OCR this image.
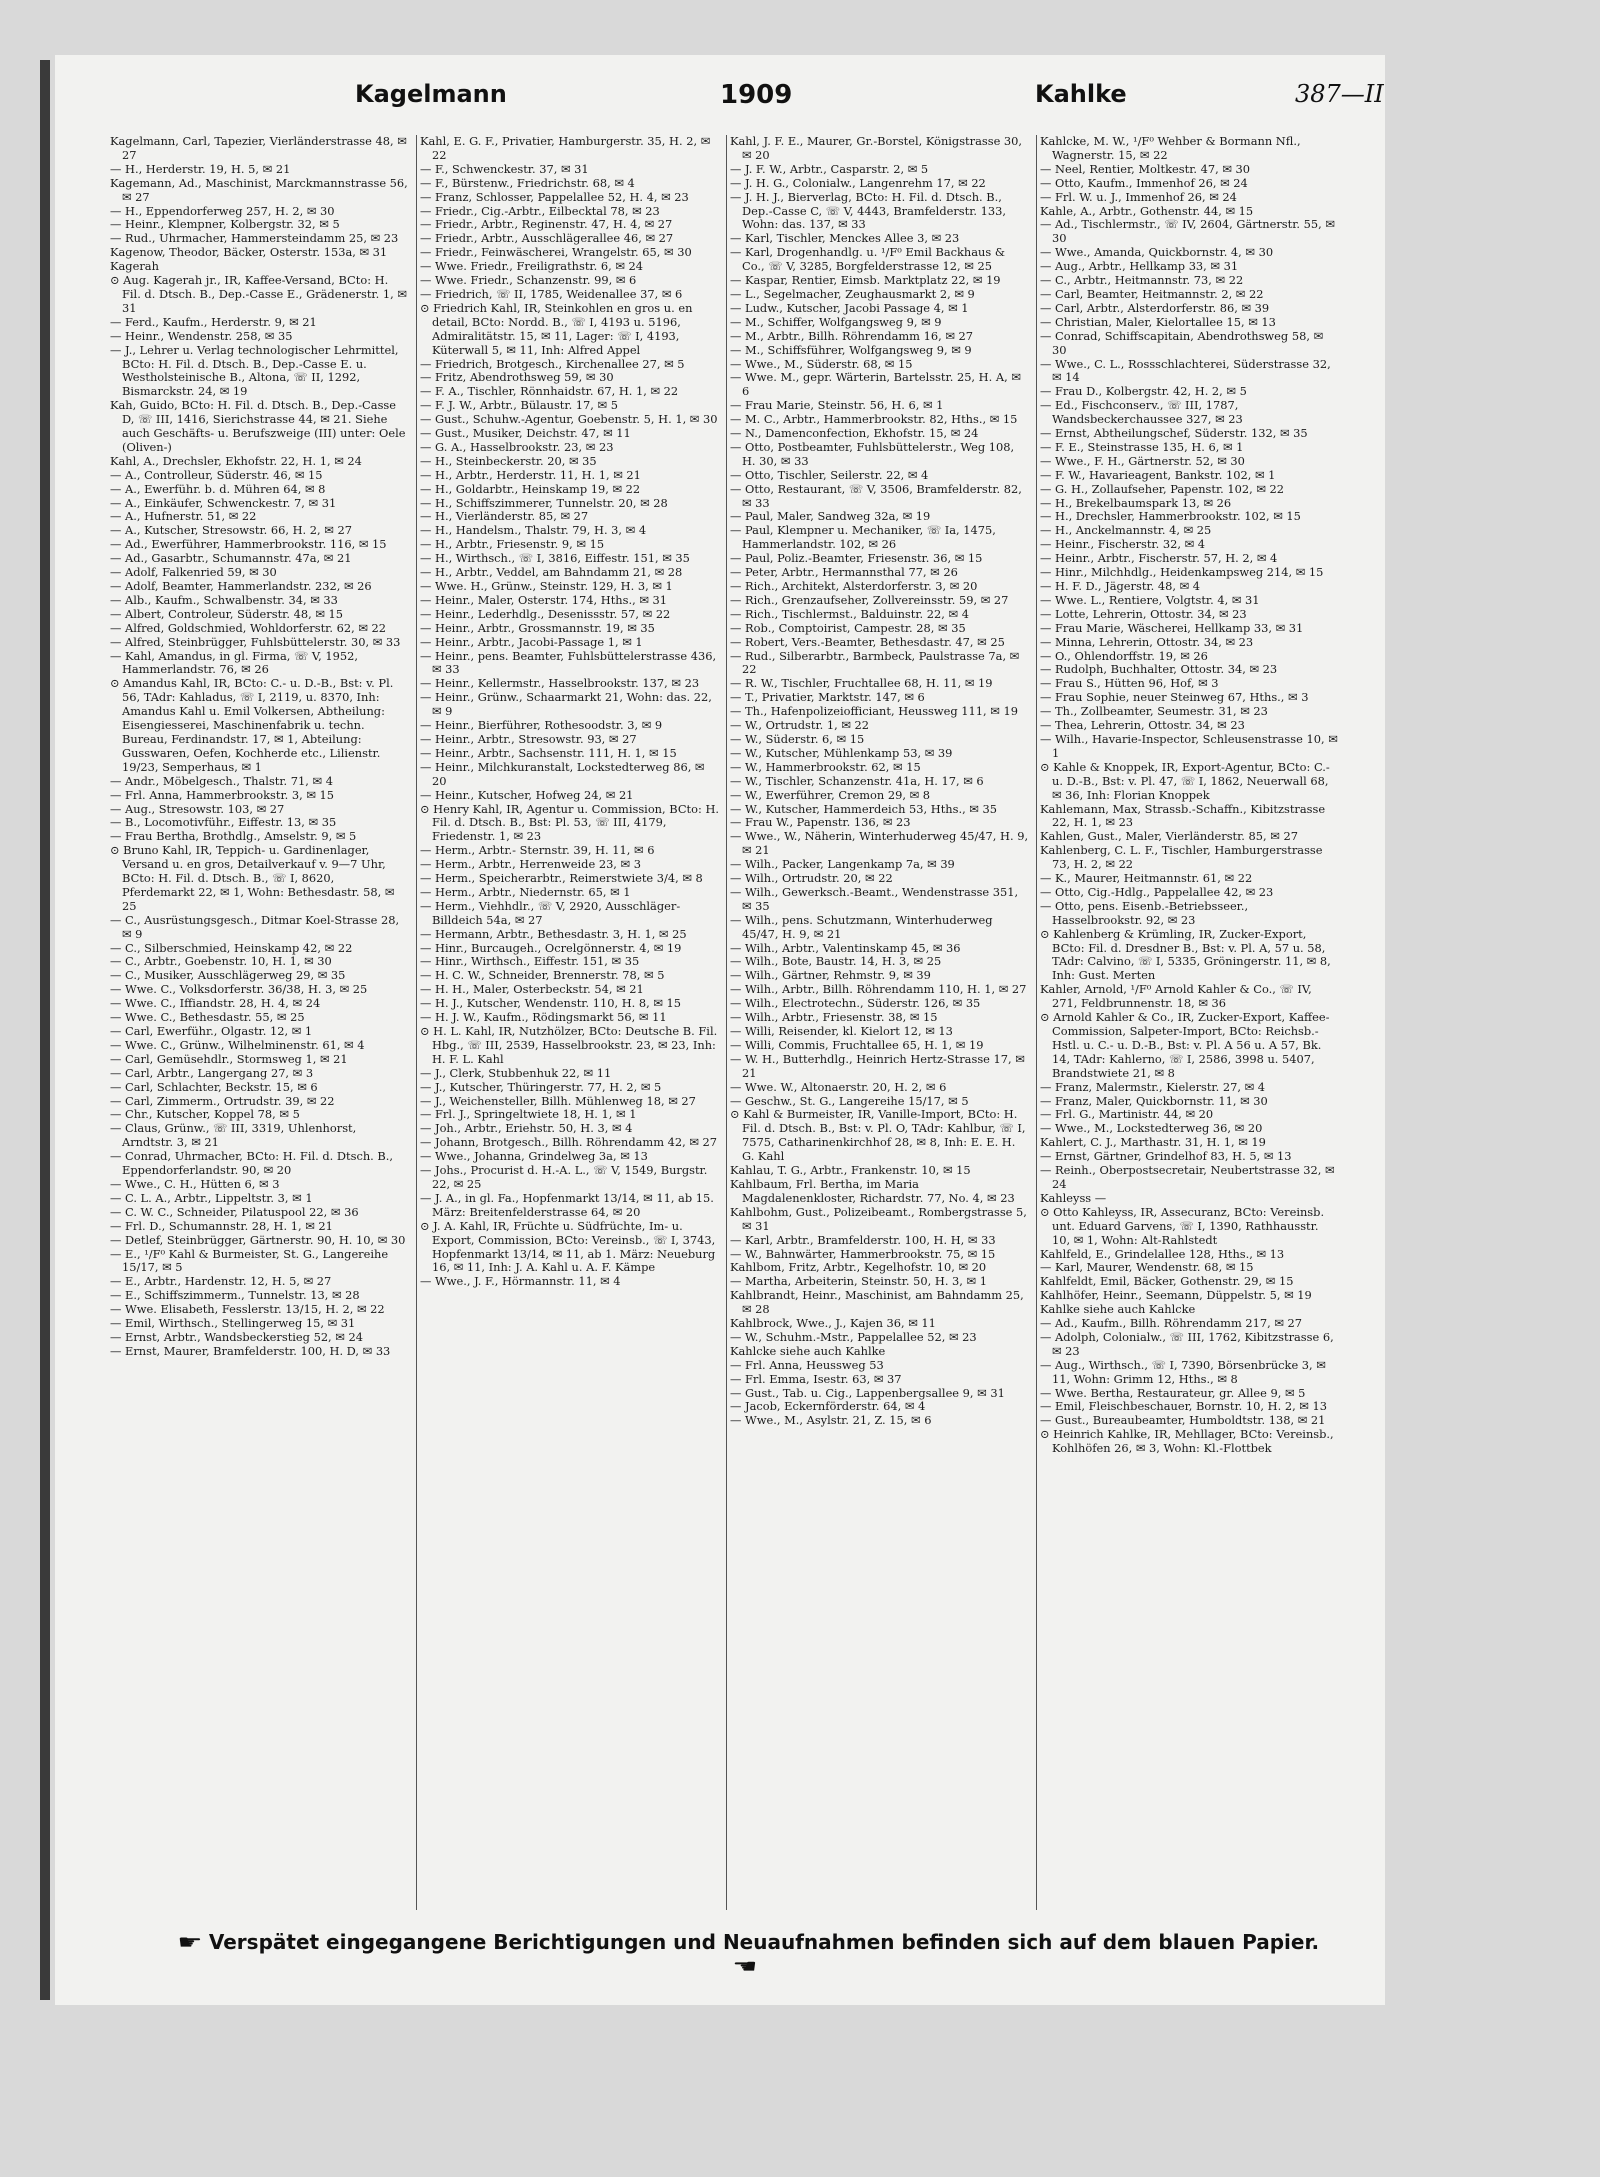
Kagelmann	1909	Kahlke	387—II

Kagelmann, Carl, Tapezier, Vierländerstrasse 48, ✉ 27

— H., Herderstr. 19, H. 5, ✉ 21

Kagemann, Ad., Maschinist, Marckmannstrasse 56, ✉ 27

— H., Eppendorferweg 257, H. 2, ✉ 30

— Heinr., Klempner, Kolbergstr. 32, ✉ 5

— Rud., Uhrmacher, Hammersteindamm 25, ✉ 23

Kagenow, Theodor, Bäcker, Osterstr. 153a, ✉ 31

Kagerah

⊙ Aug. Kagerah jr., IR, Kaffee-Versand, BCto: H. Fil. d. Dtsch. B., Dep.-Casse E., Grädenerstr. 1, ✉ 31

— Ferd., Kaufm., Herderstr. 9, ✉ 21

— Heinr., Wendenstr. 258, ✉ 35

— J., Lehrer u. Verlag technologischer Lehrmittel, BCto: H. Fil. d. Dtsch. B., Dep.-Casse E. u. Westholsteinische B., Altona, ☏ II, 1292, Bismarckstr. 24, ✉ 19

Kah, Guido, BCto: H. Fil. d. Dtsch. B., Dep.-Casse D, ☏ III, 1416, Sierichstrasse 44, ✉ 21. Siehe auch Geschäfts- u. Berufszweige (III) unter: Oele (Oliven-)

Kahl, A., Drechsler, Ekhofstr. 22, H. 1, ✉ 24

— A., Controlleur, Süderstr. 46, ✉ 15

— A., Ewerführ. b. d. Mühren 64, ✉ 8

— A., Einkäufer, Schwenckestr. 7, ✉ 31

— A., Hufnerstr. 51, ✉ 22

— A., Kutscher, Stresowstr. 66, H. 2, ✉ 27

— Ad., Ewerführer, Hammerbrookstr. 116, ✉ 15

— Ad., Gasarbtr., Schumannstr. 47a, ✉ 21

— Adolf, Falkenried 59, ✉ 30

— Adolf, Beamter, Hammerlandstr. 232, ✉ 26

— Alb., Kaufm., Schwalbenstr. 34, ✉ 33

— Albert, Controleur, Süderstr. 48, ✉ 15

— Alfred, Goldschmied, Wohldorferstr. 62, ✉ 22

— Alfred, Steinbrügger, Fuhlsbüttelerstr. 30, ✉ 33

— Kahl, Amandus, in gl. Firma, ☏ V, 1952, Hammerlandstr. 76, ✉ 26

⊙ Amandus Kahl, IR, BCto: C.- u. D.-B., Bst: v. Pl. 56, TAdr: Kahladus, ☏ I, 2119, u. 8370, Inh: Amandus Kahl u. Emil Volkersen, Abtheilung: Eisengiesserei, Maschinenfabrik u. techn. Bureau, Ferdinandstr. 17, ✉ 1, Abteilung: Gusswaren, Oefen, Kochherde etc., Lilienstr. 19/23, Semperhaus, ✉ 1

— Andr., Möbelgesch., Thalstr. 71, ✉ 4

— Frl. Anna, Hammerbrookstr. 3, ✉ 15

— Aug., Stresowstr. 103, ✉ 27

— B., Locomotivführ., Eiffestr. 13, ✉ 35

— Frau Bertha, Brothdlg., Amselstr. 9, ✉ 5

⊙ Bruno Kahl, IR, Teppich- u. Gardinenlager, Versand u. en gros, Detailverkauf v. 9—7 Uhr, BCto: H. Fil. d. Dtsch. B., ☏ I, 8620, Pferdemarkt 22, ✉ 1, Wohn: Bethesdastr. 58, ✉ 25

— C., Ausrüstungsgesch., Ditmar Koel-Strasse 28, ✉ 9

— C., Silberschmied, Heinskamp 42, ✉ 22

— C., Arbtr., Goebenstr. 10, H. 1, ✉ 30

— C., Musiker, Ausschlägerweg 29, ✉ 35

— Wwe. C., Volksdorferstr. 36/38, H. 3, ✉ 25

— Wwe. C., Iffiandstr. 28, H. 4, ✉ 24

— Wwe. C., Bethesdastr. 55, ✉ 25

— Carl, Ewerführ., Olgastr. 12, ✉ 1

— Wwe. C., Grünw., Wilhelminenstr. 61, ✉ 4

— Carl, Gemüsehdlr., Stormsweg 1, ✉ 21

— Carl, Arbtr., Langergang 27, ✉ 3

— Carl, Schlachter, Beckstr. 15, ✉ 6

— Carl, Zimmerm., Ortrudstr. 39, ✉ 22

— Chr., Kutscher, Koppel 78, ✉ 5

— Claus, Grünw., ☏ III, 3319, Uhlenhorst, Arndtstr. 3, ✉ 21

— Conrad, Uhrmacher, BCto: H. Fil. d. Dtsch. B., Eppendorferlandstr. 90, ✉ 20

— Wwe., C. H., Hütten 6, ✉ 3

— C. L. A., Arbtr., Lippeltstr. 3, ✉ 1

— C. W. C., Schneider, Pilatuspool 22, ✉ 36

— Frl. D., Schumannstr. 28, H. 1, ✉ 21

— Detlef, Steinbrügger, Gärtnerstr. 90, H. 10, ✉ 30

— E., ¹/F⁰ Kahl & Burmeister, St. G., Langereihe 15/17, ✉ 5

— E., Arbtr., Hardenstr. 12, H. 5, ✉ 27

— E., Schiffszimmerm., Tunnelstr. 13, ✉ 28

— Wwe. Elisabeth, Fesslerstr. 13/15, H. 2, ✉ 22

— Emil, Wirthsch., Stellingerweg 15, ✉ 31

— Ernst, Arbtr., Wandsbeckerstieg 52, ✉ 24

— Ernst, Maurer, Bramfelderstr. 100, H. D, ✉ 33

Kahl, E. G. F., Privatier, Hamburgerstr. 35, H. 2, ✉ 22

— F., Schwenckestr. 37, ✉ 31

— F., Bürstenw., Friedrichstr. 68, ✉ 4

— Franz, Schlosser, Pappelallee 52, H. 4, ✉ 23

— Friedr., Cig.-Arbtr., Eilbecktal 78, ✉ 23

— Friedr., Arbtr., Reginenstr. 47, H. 4, ✉ 27

— Friedr., Arbtr., Ausschlägerallee 46, ✉ 27

— Friedr., Feinwäscherei, Wrangelstr. 65, ✉ 30

— Wwe. Friedr., Freiligrathstr. 6, ✉ 24

— Wwe. Friedr., Schanzenstr. 99, ✉ 6

— Friedrich, ☏ II, 1785, Weidenallee 37, ✉ 6

⊙ Friedrich Kahl, IR, Steinkohlen en gros u. en detail, BCto: Nordd. B., ☏ I, 4193 u. 5196, Admiralitätstr. 15, ✉ 11, Lager: ☏ I, 4193, Küterwall 5, ✉ 11, Inh: Alfred Appel

— Friedrich, Brotgesch., Kirchenallee 27, ✉ 5

— Fritz, Abendrothsweg 59, ✉ 30

— F. A., Tischler, Rönnhaidstr. 67, H. 1, ✉ 22

— F. J. W., Arbtr., Bülaustr. 17, ✉ 5

— Gust., Schuhw.-Agentur, Goebenstr. 5, H. 1, ✉ 30

— Gust., Musiker, Deichstr. 47, ✉ 11

— G. A., Hasselbrookstr. 23, ✉ 23

— H., Steinbeckerstr. 20, ✉ 35

— H., Arbtr., Herderstr. 11, H. 1, ✉ 21

— H., Goldarbtr., Heinskamp 19, ✉ 22

— H., Schiffszimmerer, Tunnelstr. 20, ✉ 28

— H., Vierländerstr. 85, ✉ 27

— H., Handelsm., Thalstr. 79, H. 3, ✉ 4

— H., Arbtr., Friesenstr. 9, ✉ 15

— H., Wirthsch., ☏ I, 3816, Eiffestr. 151, ✉ 35

— H., Arbtr., Veddel, am Bahndamm 21, ✉ 28

— Wwe. H., Grünw., Steinstr. 129, H. 3, ✉ 1

— Heinr., Maler, Osterstr. 174, Hths., ✉ 31

— Heinr., Lederhdlg., Desenissstr. 57, ✉ 22

— Heinr., Arbtr., Grossmannstr. 19, ✉ 35

— Heinr., Arbtr., Jacobi-Passage 1, ✉ 1

— Heinr., pens. Beamter, Fuhlsbüttelerstrasse 436, ✉ 33

— Heinr., Kellermstr., Hasselbrookstr. 137, ✉ 23

— Heinr., Grünw., Schaarmarkt 21, Wohn: das. 22, ✉ 9

— Heinr., Bierführer, Rothesoodstr. 3, ✉ 9

— Heinr., Arbtr., Stresowstr. 93, ✉ 27

— Heinr., Arbtr., Sachsenstr. 111, H. 1, ✉ 15

— Heinr., Milchkuranstalt, Lockstedterweg 86, ✉ 20

— Heinr., Kutscher, Hofweg 24, ✉ 21

⊙ Henry Kahl, IR, Agentur u. Commission, BCto: H. Fil. d. Dtsch. B., Bst: Pl. 53, ☏ III, 4179, Friedenstr. 1, ✉ 23

— Herm., Arbtr.- Sternstr. 39, H. 11, ✉ 6

— Herm., Arbtr., Herrenweide 23, ✉ 3

— Herm., Speicherarbtr., Reimerstwiete 3/4, ✉ 8

— Herm., Arbtr., Niedernstr. 65, ✉ 1

— Herm., Viehhdlr., ☏ V, 2920, Ausschläger-Billdeich 54a, ✉ 27

— Hermann, Arbtr., Bethesdastr. 3, H. 1, ✉ 25

— Hinr., Burcaugeh., Ocrelgönnerstr. 4, ✉ 19

— Hinr., Wirthsch., Eiffestr. 151, ✉ 35

— H. C. W., Schneider, Brennerstr. 78, ✉ 5

— H. H., Maler, Osterbeckstr. 54, ✉ 21

— H. J., Kutscher, Wendenstr. 110, H. 8, ✉ 15

— H. J. W., Kaufm., Rödingsmarkt 56, ✉ 11

⊙ H. L. Kahl, IR, Nutzhölzer, BCto: Deutsche B. Fil. Hbg., ☏ III, 2539, Hasselbrookstr. 23, ✉ 23, Inh: H. F. L. Kahl

— J., Clerk, Stubbenhuk 22, ✉ 11

— J., Kutscher, Thüringerstr. 77, H. 2, ✉ 5

— J., Weichensteller, Billh. Mühlenweg 18, ✉ 27

— Frl. J., Springeltwiete 18, H. 1, ✉ 1

— Joh., Arbtr., Eriehstr. 50, H. 3, ✉ 4

— Johann, Brotgesch., Billh. Röhrendamm 42, ✉ 27

— Wwe., Johanna, Grindelweg 3a, ✉ 13

— Johs., Procurist d. H.-A. L., ☏ V, 1549, Burgstr. 22, ✉ 25

— J. A., in gl. Fa., Hopfenmarkt 13/14, ✉ 11, ab 15. März: Breitenfelderstrasse 64, ✉ 20

⊙ J. A. Kahl, IR, Früchte u. Südfrüchte, Im- u. Export, Commission, BCto: Vereinsb., ☏ I, 3743, Hopfenmarkt 13/14, ✉ 11, ab 1. März: Neueburg 16, ✉ 11, Inh: J. A. Kahl u. A. F. Kämpe

— Wwe., J. F., Hörmannstr. 11, ✉ 4

Kahl, J. F. E., Maurer, Gr.-Borstel, Königstrasse 30, ✉ 20

— J. F. W., Arbtr., Casparstr. 2, ✉ 5

— J. H. G., Colonialw., Langenrehm 17, ✉ 22

— J. H. J., Bierverlag, BCto: H. Fil. d. Dtsch. B., Dep.-Casse C, ☏ V, 4443, Bramfelderstr. 133, Wohn: das. 137, ✉ 33

— Karl, Tischler, Menckes Allee 3, ✉ 23

— Karl, Drogenhandlg. u. ¹/F⁰ Emil Backhaus & Co., ☏ V, 3285, Borgfelderstrasse 12, ✉ 25

— Kaspar, Rentier, Eimsb. Marktplatz 22, ✉ 19

— L., Segelmacher, Zeughausmarkt 2, ✉ 9

— Ludw., Kutscher, Jacobi Passage 4, ✉ 1

— M., Schiffer, Wolfgangsweg 9, ✉ 9

— M., Arbtr., Billh. Röhrendamm 16, ✉ 27

— M., Schiffsführer, Wolfgangsweg 9, ✉ 9

— Wwe., M., Süderstr. 68, ✉ 15

— Wwe. M., gepr. Wärterin, Bartelsstr. 25, H. A, ✉ 6

— Frau Marie, Steinstr. 56, H. 6, ✉ 1

— M. C., Arbtr., Hammerbrookstr. 82, Hths., ✉ 15

— N., Damenconfection, Ekhofstr. 15, ✉ 24

— Otto, Postbeamter, Fuhlsbüttelerstr., Weg 108, H. 30, ✉ 33

— Otto, Tischler, Seilerstr. 22, ✉ 4

— Otto, Restaurant, ☏ V, 3506, Bramfelderstr. 82, ✉ 33

— Paul, Maler, Sandweg 32a, ✉ 19

— Paul, Klempner u. Mechaniker, ☏ Ia, 1475, Hammerlandstr. 102, ✉ 26

— Paul, Poliz.-Beamter, Friesenstr. 36, ✉ 15

— Peter, Arbtr., Hermannsthal 77, ✉ 26

— Rich., Architekt, Alsterdorferstr. 3, ✉ 20

— Rich., Grenzaufseher, Zollvereinsstr. 59, ✉ 27

— Rich., Tischlermst., Balduinstr. 22, ✉ 4

— Rob., Comptoirist, Campestr. 28, ✉ 35

— Robert, Vers.-Beamter, Bethesdastr. 47, ✉ 25

— Rud., Silberarbtr., Barmbeck, Paulstrasse 7a, ✉ 22

— R. W., Tischler, Fruchtallee 68, H. 11, ✉ 19

— T., Privatier, Marktstr. 147, ✉ 6

— Th., Hafenpolizeiofficiant, Heussweg 111, ✉ 19

— W., Ortrudstr. 1, ✉ 22

— W., Süderstr. 6, ✉ 15

— W., Kutscher, Mühlenkamp 53, ✉ 39

— W., Hammerbrookstr. 62, ✉ 15

— W., Tischler, Schanzenstr. 41a, H. 17, ✉ 6

— W., Ewerführer, Cremon 29, ✉ 8

— W., Kutscher, Hammerdeich 53, Hths., ✉ 35

— Frau W., Papenstr. 136, ✉ 23

— Wwe., W., Näherin, Winterhuderweg 45/47, H. 9, ✉ 21

— Wilh., Packer, Langenkamp 7a, ✉ 39

— Wilh., Ortrudstr. 20, ✉ 22

— Wilh., Gewerksch.-Beamt., Wendenstrasse 351, ✉ 35

— Wilh., pens. Schutzmann, Winterhuderweg 45/47, H. 9, ✉ 21

— Wilh., Arbtr., Valentinskamp 45, ✉ 36

— Wilh., Bote, Baustr. 14, H. 3, ✉ 25

— Wilh., Gärtner, Rehmstr. 9, ✉ 39

— Wilh., Arbtr., Billh. Röhrendamm 110, H. 1, ✉ 27

— Wilh., Electrotechn., Süderstr. 126, ✉ 35

— Wilh., Arbtr., Friesenstr. 38, ✉ 15

— Willi, Reisender, kl. Kielort 12, ✉ 13

— Willi, Commis, Fruchtallee 65, H. 1, ✉ 19

— W. H., Butterhdlg., Heinrich Hertz-Strasse 17, ✉ 21

— Wwe. W., Altonaerstr. 20, H. 2, ✉ 6

— Geschw., St. G., Langereihe 15/17, ✉ 5

⊙ Kahl & Burmeister, IR, Vanille-Import, BCto: H. Fil. d. Dtsch. B., Bst: v. Pl. O, TAdr: Kahlbur, ☏ I, 7575, Catharinenkirchhof 28, ✉ 8, Inh: E. E. H. G. Kahl

Kahlau, T. G., Arbtr., Frankenstr. 10, ✉ 15

Kahlbaum, Frl. Bertha, im Maria Magdalenenkloster, Richardstr. 77, No. 4, ✉ 23

Kahlbohm, Gust., Polizeibeamt., Rombergstrasse 5, ✉ 31

— Karl, Arbtr., Bramfelderstr. 100, H. H, ✉ 33

— W., Bahnwärter, Hammerbrookstr. 75, ✉ 15

Kahlbom, Fritz, Arbtr., Kegelhofstr. 10, ✉ 20

— Martha, Arbeiterin, Steinstr. 50, H. 3, ✉ 1

Kahlbrandt, Heinr., Maschinist, am Bahndamm 25, ✉ 28

Kahlbrock, Wwe., J., Kajen 36, ✉ 11

— W., Schuhm.-Mstr., Pappelallee 52, ✉ 23

Kahlcke siehe auch Kahlke

— Frl. Anna, Heussweg 53

— Frl. Emma, Isestr. 63, ✉ 37

— Gust., Tab. u. Cig., Lappenbergsallee 9, ✉ 31

— Jacob, Eckernförderstr. 64, ✉ 4

— Wwe., M., Asylstr. 21, Z. 15, ✉ 6

Kahlcke, M. W., ¹/F⁰ Wehber & Bormann Nfl., Wagnerstr. 15, ✉ 22

— Neel, Rentier, Moltkestr. 47, ✉ 30

— Otto, Kaufm., Immenhof 26, ✉ 24

— Frl. W. u. J., Immenhof 26, ✉ 24

Kahle, A., Arbtr., Gothenstr. 44, ✉ 15

— Ad., Tischlermstr., ☏ IV, 2604, Gärtnerstr. 55, ✉ 30

— Wwe., Amanda, Quickbornstr. 4, ✉ 30

— Aug., Arbtr., Hellkamp 33, ✉ 31

— C., Arbtr., Heitmannstr. 73, ✉ 22

— Carl, Beamter, Heitmannstr. 2, ✉ 22

— Carl, Arbtr., Alsterdorferstr. 86, ✉ 39

— Christian, Maler, Kielortallee 15, ✉ 13

— Conrad, Schiffscapitain, Abendrothsweg 58, ✉ 30

— Wwe., C. L., Rossschlachterei, Süderstrasse 32, ✉ 14

— Frau D., Kolbergstr. 42, H. 2, ✉ 5

— Ed., Fischconserv., ☏ III, 1787, Wandsbeckerchaussee 327, ✉ 23

— Ernst, Abtheilungschef, Süderstr. 132, ✉ 35

— F. E., Steinstrasse 135, H. 6, ✉ 1

— Wwe., F. H., Gärtnerstr. 52, ✉ 30

— F. W., Havarieagent, Bankstr. 102, ✉ 1

— G. H., Zollaufseher, Papenstr. 102, ✉ 22

— H., Brekelbaumspark 13, ✉ 26

— H., Drechsler, Hammerbrookstr. 102, ✉ 15

— H., Anckelmannstr. 4, ✉ 25

— Heinr., Fischerstr. 32, ✉ 4

— Heinr., Arbtr., Fischerstr. 57, H. 2, ✉ 4

— Hinr., Milchhdlg., Heidenkampsweg 214, ✉ 15

— H. F. D., Jägerstr. 48, ✉ 4

— Wwe. L., Rentiere, Volgtstr. 4, ✉ 31

— Lotte, Lehrerin, Ottostr. 34, ✉ 23

— Frau Marie, Wäscherei, Hellkamp 33, ✉ 31

— Minna, Lehrerin, Ottostr. 34, ✉ 23

— O., Ohlendorffstr. 19, ✉ 26

— Rudolph, Buchhalter, Ottostr. 34, ✉ 23

— Frau S., Hütten 96, Hof, ✉ 3

— Frau Sophie, neuer Steinweg 67, Hths., ✉ 3

— Th., Zollbeamter, Seumestr. 31, ✉ 23

— Thea, Lehrerin, Ottostr. 34, ✉ 23

— Wilh., Havarie-Inspector, Schleusenstrasse 10, ✉ 1

⊙ Kahle & Knoppek, IR, Export-Agentur, BCto: C.- u. D.-B., Bst: v. Pl. 47, ☏ I, 1862, Neuerwall 68, ✉ 36, Inh: Florian Knoppek

Kahlemann, Max, Strassb.-Schaffn., Kibitzstrasse 22, H. 1, ✉ 23

Kahlen, Gust., Maler, Vierländerstr. 85, ✉ 27

Kahlenberg, C. L. F., Tischler, Hamburgerstrasse 73, H. 2, ✉ 22

— K., Maurer, Heitmannstr. 61, ✉ 22

— Otto, Cig.-Hdlg., Pappelallee 42, ✉ 23

— Otto, pens. Eisenb.-Betriebsseer., Hasselbrookstr. 92, ✉ 23

⊙ Kahlenberg & Krümling, IR, Zucker-Export, BCto: Fil. d. Dresdner B., Bst: v. Pl. A, 57 u. 58, TAdr: Calvino, ☏ I, 5335, Gröningerstr. 11, ✉ 8, Inh: Gust. Merten

Kahler, Arnold, ¹/F⁰ Arnold Kahler & Co., ☏ IV, 271, Feldbrunnenstr. 18, ✉ 36

⊙ Arnold Kahler & Co., IR, Zucker-Export, Kaffee-Commission, Salpeter-Import, BCto: Reichsb.-Hstl. u. C.- u. D.-B., Bst: v. Pl. A 56 u. A 57, Bk. 14, TAdr: Kahlerno, ☏ I, 2586, 3998 u. 5407, Brandstwiete 21, ✉ 8

— Franz, Malermstr., Kielerstr. 27, ✉ 4

— Franz, Maler, Quickbornstr. 11, ✉ 30

— Frl. G., Martinistr. 44, ✉ 20

— Wwe., M., Lockstedterweg 36, ✉ 20

Kahlert, C. J., Marthastr. 31, H. 1, ✉ 19

— Ernst, Gärtner, Grindelhof 83, H. 5, ✉ 13

— Reinh., Oberpostsecretair, Neubertstrasse 32, ✉ 24

Kahleyss —

⊙ Otto Kahleyss, IR, Assecuranz, BCto: Vereinsb. unt. Eduard Garvens, ☏ I, 1390, Rathhausstr. 10, ✉ 1, Wohn: Alt-Rahlstedt

Kahlfeld, E., Grindelallee 128, Hths., ✉ 13

— Karl, Maurer, Wendenstr. 68, ✉ 15

Kahlfeldt, Emil, Bäcker, Gothenstr. 29, ✉ 15

Kahlhöfer, Heinr., Seemann, Düppelstr. 5, ✉ 19

Kahlke siehe auch Kahlcke

— Ad., Kaufm., Billh. Röhrendamm 217, ✉ 27

— Adolph, Colonialw., ☏ III, 1762, Kibitzstrasse 6, ✉ 23

— Aug., Wirthsch., ☏ I, 7390, Börsenbrücke 3, ✉ 11, Wohn: Grimm 12, Hths., ✉ 8

— Wwe. Bertha, Restaurateur, gr. Allee 9, ✉ 5

— Emil, Fleischbeschauer, Bornstr. 10, H. 2, ✉ 13

— Gust., Bureaubeamter, Humboldtstr. 138, ✉ 21

⊙ Heinrich Kahlke, IR, Mehllager, BCto: Vereinsb., Kohlhöfen 26, ✉ 3, Wohn: Kl.-Flottbek

☛ Verspätet eingegangene Berichtigungen und Neuaufnahmen befinden sich auf dem blauen Papier.☚
